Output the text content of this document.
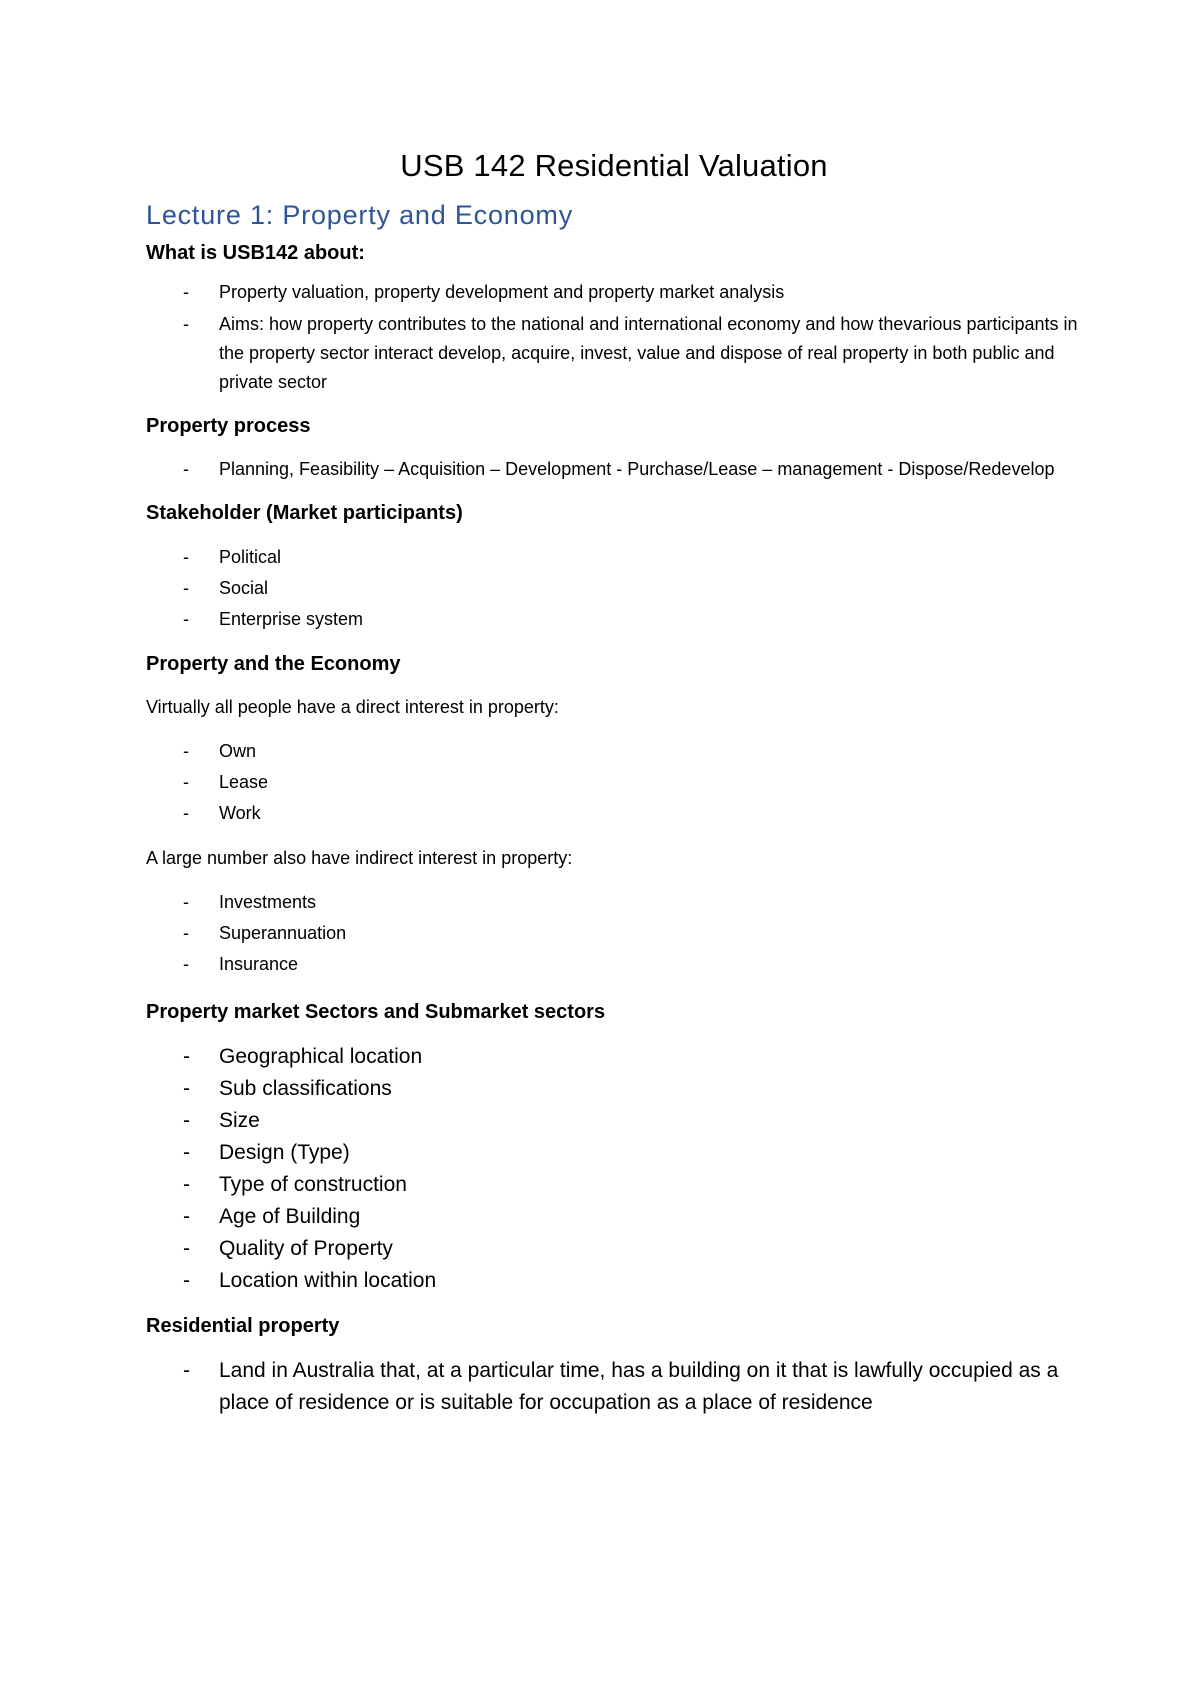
USB 142 Residential Valuation
Lecture 1: Property and Economy
What is USB142 about:
- Property valuation, property development and property market analysis
- Aims: how property contributes to the national and international economy and how thevarious participants in the property sector interact develop, acquire, invest, value and dispose of real property in both public and private sector
Property process
- Planning, Feasibility – Acquisition – Development - Purchase/Lease – management - Dispose/Redevelop
Stakeholder (Market participants)
- Political
- Social
- Enterprise system
Property and the Economy
Virtually all people have a direct interest in property:
- Own
- Lease
- Work
A large number also have indirect interest in property:
- Investments
- Superannuation
- Insurance
Property market Sectors and Submarket sectors
- Geographical location
- Sub classifications
- Size
- Design (Type)
- Type of construction
- Age of Building
- Quality of Property
- Location within location
Residential property
- Land in Australia that, at a particular time, has a building on it that is lawfully occupied as a place of residence or is suitable for occupation as a place of residence
